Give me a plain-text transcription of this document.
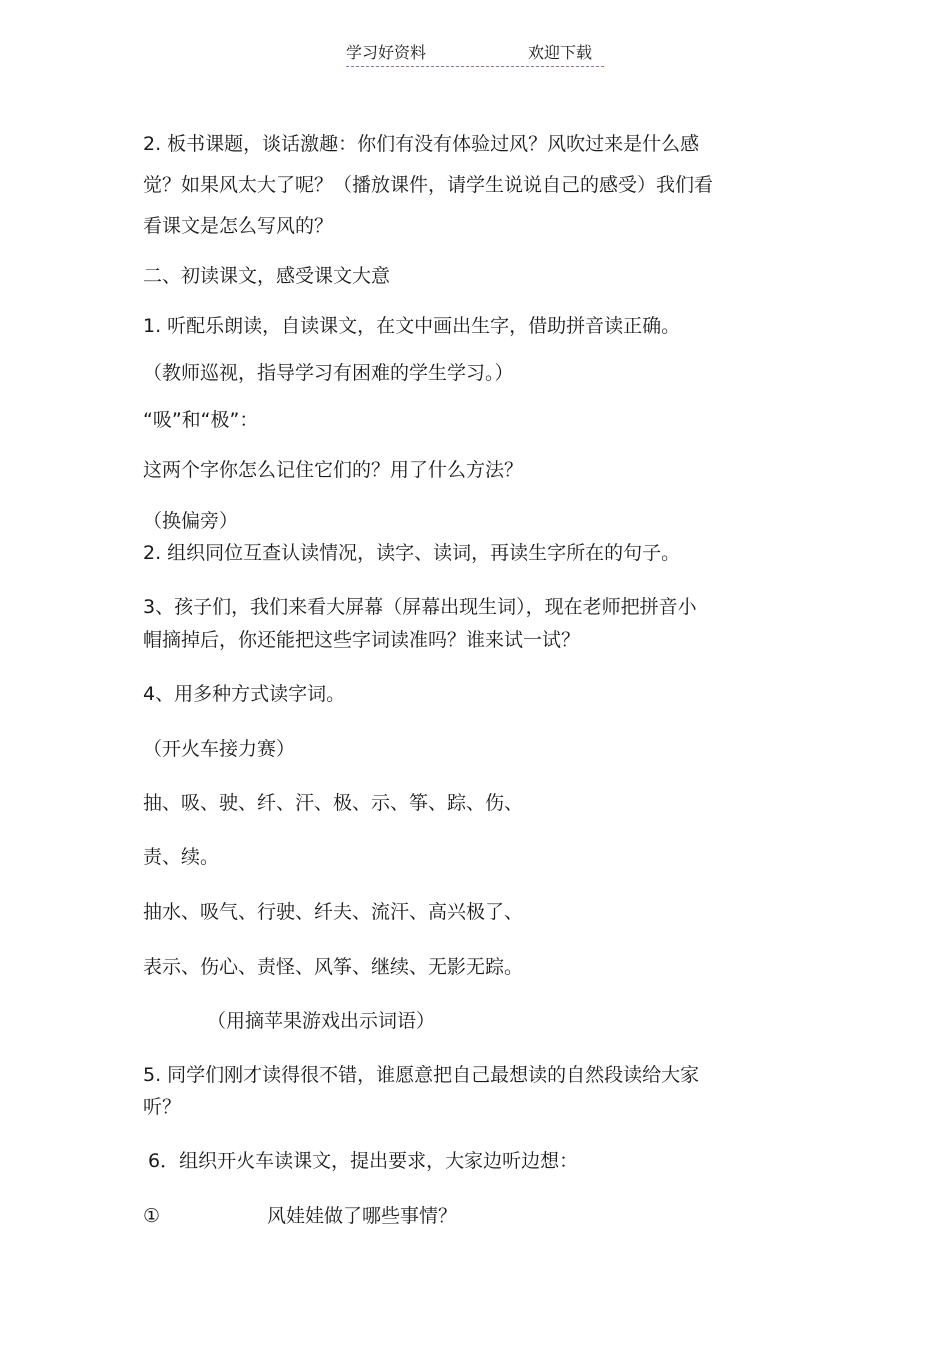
学习好资料	欢迎下载
2. 板书课题，谈话激趣：你们有没有体验过风？风吹过来是什么感
觉？如果风太大了呢？（播放课件，请学生说说自己的感受）我们看
看课文是怎么写风的？
二、初读课文，感受课文大意
1. 听配乐朗读，自读课文，在文中画出生字，借助拼音读正确。
（教师巡视，指导学习有困难的学生学习。）
“吸”和“极”：
这两个字你怎么记住它们的？用了什么方法？
（换偏旁）
2. 组织同位互查认读情况，读字、读词，再读生字所在的句子。
3、孩子们，我们来看大屏幕（屏幕出现生词），现在老师把拼音小
帽摘掉后，你还能把这些字词读准吗？谁来试一试？
4、用多种方式读字词。
（开火车接力赛）
抽、吸、驶、纤、汗、极、示、筝、踪、伤、
责、续。
抽水、吸气、行驶、纤夫、流汗、高兴极了、
表示、伤心、责怪、风筝、继续、无影无踪。
（用摘苹果游戏出示词语）
5. 同学们刚才读得很不错，谁愿意把自己最想读的自然段读给大家
听？
6．组织开火车读课文，提出要求，大家边听边想：
①	风娃娃做了哪些事情？
